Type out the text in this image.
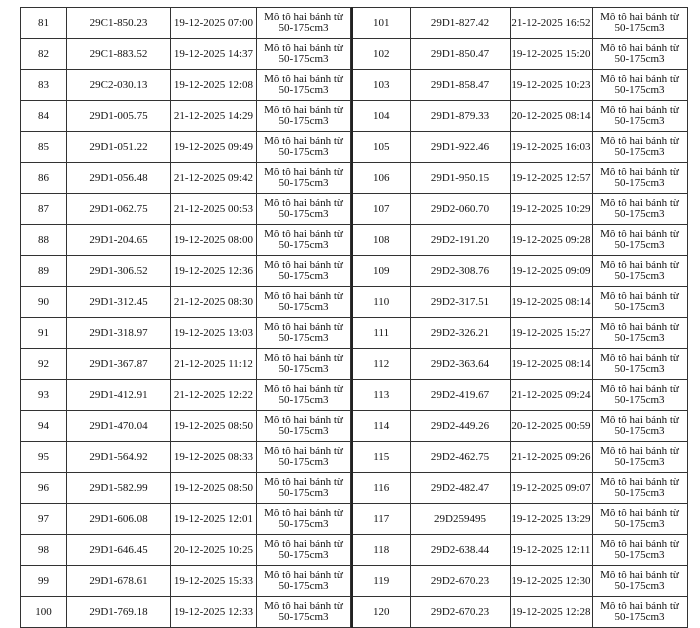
81	29C1-850.23	19-12-2025 07:00	Mô tô hai bánh từ 50-175cm3
82	29C1-883.52	19-12-2025 14:37	Mô tô hai bánh từ 50-175cm3
83	29C2-030.13	19-12-2025 12:08	Mô tô hai bánh từ 50-175cm3
84	29D1-005.75	21-12-2025 14:29	Mô tô hai bánh từ 50-175cm3
85	29D1-051.22	19-12-2025 09:49	Mô tô hai bánh từ 50-175cm3
86	29D1-056.48	21-12-2025 09:42	Mô tô hai bánh từ 50-175cm3
87	29D1-062.75	21-12-2025 00:53	Mô tô hai bánh từ 50-175cm3
88	29D1-204.65	19-12-2025 08:00	Mô tô hai bánh từ 50-175cm3
89	29D1-306.52	19-12-2025 12:36	Mô tô hai bánh từ 50-175cm3
90	29D1-312.45	21-12-2025 08:30	Mô tô hai bánh từ 50-175cm3
91	29D1-318.97	19-12-2025 13:03	Mô tô hai bánh từ 50-175cm3
92	29D1-367.87	21-12-2025 11:12	Mô tô hai bánh từ 50-175cm3
93	29D1-412.91	21-12-2025 12:22	Mô tô hai bánh từ 50-175cm3
94	29D1-470.04	19-12-2025 08:50	Mô tô hai bánh từ 50-175cm3
95	29D1-564.92	19-12-2025 08:33	Mô tô hai bánh từ 50-175cm3
96	29D1-582.99	19-12-2025 08:50	Mô tô hai bánh từ 50-175cm3
97	29D1-606.08	19-12-2025 12:01	Mô tô hai bánh từ 50-175cm3
98	29D1-646.45	20-12-2025 10:25	Mô tô hai bánh từ 50-175cm3
99	29D1-678.61	19-12-2025 15:33	Mô tô hai bánh từ 50-175cm3
100	29D1-769.18	19-12-2025 12:33	Mô tô hai bánh từ 50-175cm3
101	29D1-827.42	21-12-2025 16:52	Mô tô hai bánh từ 50-175cm3
102	29D1-850.47	19-12-2025 15:20	Mô tô hai bánh từ 50-175cm3
103	29D1-858.47	19-12-2025 10:23	Mô tô hai bánh từ 50-175cm3
104	29D1-879.33	20-12-2025 08:14	Mô tô hai bánh từ 50-175cm3
105	29D1-922.46	19-12-2025 16:03	Mô tô hai bánh từ 50-175cm3
106	29D1-950.15	19-12-2025 12:57	Mô tô hai bánh từ 50-175cm3
107	29D2-060.70	19-12-2025 10:29	Mô tô hai bánh từ 50-175cm3
108	29D2-191.20	19-12-2025 09:28	Mô tô hai bánh từ 50-175cm3
109	29D2-308.76	19-12-2025 09:09	Mô tô hai bánh từ 50-175cm3
110	29D2-317.51	19-12-2025 08:14	Mô tô hai bánh từ 50-175cm3
111	29D2-326.21	19-12-2025 15:27	Mô tô hai bánh từ 50-175cm3
112	29D2-363.64	19-12-2025 08:14	Mô tô hai bánh từ 50-175cm3
113	29D2-419.67	21-12-2025 09:24	Mô tô hai bánh từ 50-175cm3
114	29D2-449.26	20-12-2025 00:59	Mô tô hai bánh từ 50-175cm3
115	29D2-462.75	21-12-2025 09:26	Mô tô hai bánh từ 50-175cm3
116	29D2-482.47	19-12-2025 09:07	Mô tô hai bánh từ 50-175cm3
117	29D259495	19-12-2025 13:29	Mô tô hai bánh từ 50-175cm3
118	29D2-638.44	19-12-2025 12:11	Mô tô hai bánh từ 50-175cm3
119	29D2-670.23	19-12-2025 12:30	Mô tô hai bánh từ 50-175cm3
120	29D2-670.23	19-12-2025 12:28	Mô tô hai bánh từ 50-175cm3
